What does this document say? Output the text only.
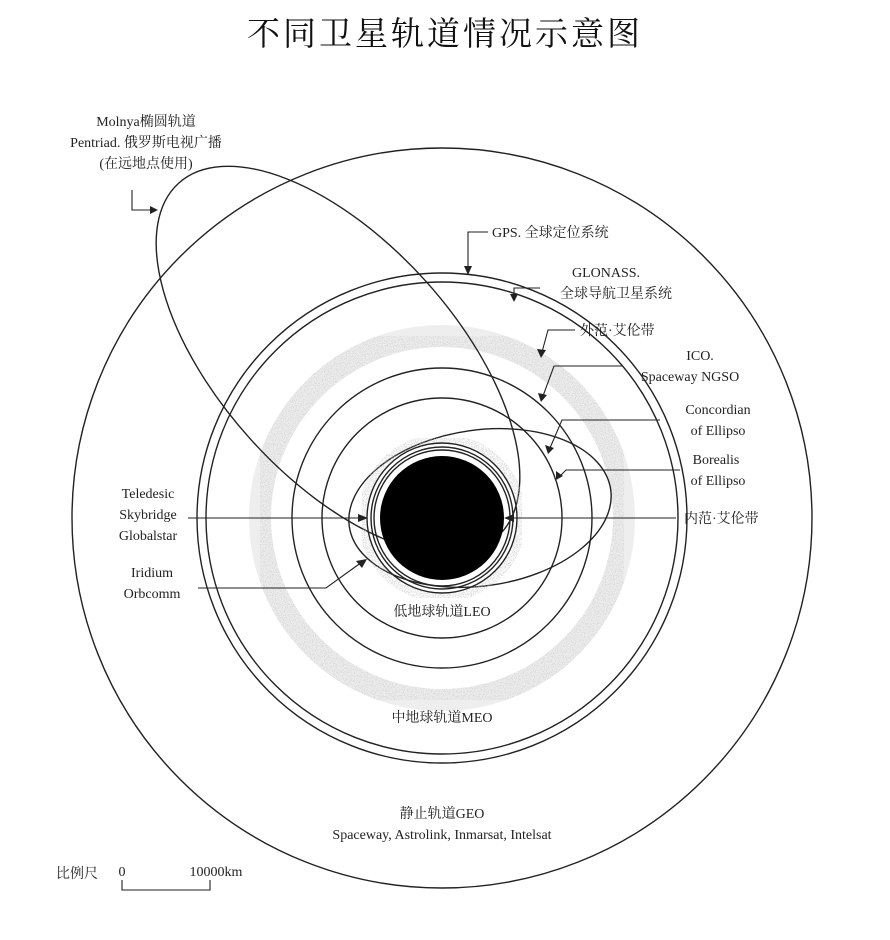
不同卫星轨道情况示意图
Molnya椭圆轨道
Pentriad. 俄罗斯电视广播
(在远地点使用)
GPS. 全球定位系统
GLONASS.
全球导航卫星系统
外范·艾伦带
ICO.
Spaceway NGSO
Concordian
of Ellipso
Borealis
of Ellipso
内范·艾伦带
Teledesic
Skybridge
Globalstar
Iridium
Orbcomm
低地球轨道LEO
中地球轨道MEO
静止轨道GEO
Spaceway, Astrolink, Inmarsat, Intelsat
比例尺 0	10000km
